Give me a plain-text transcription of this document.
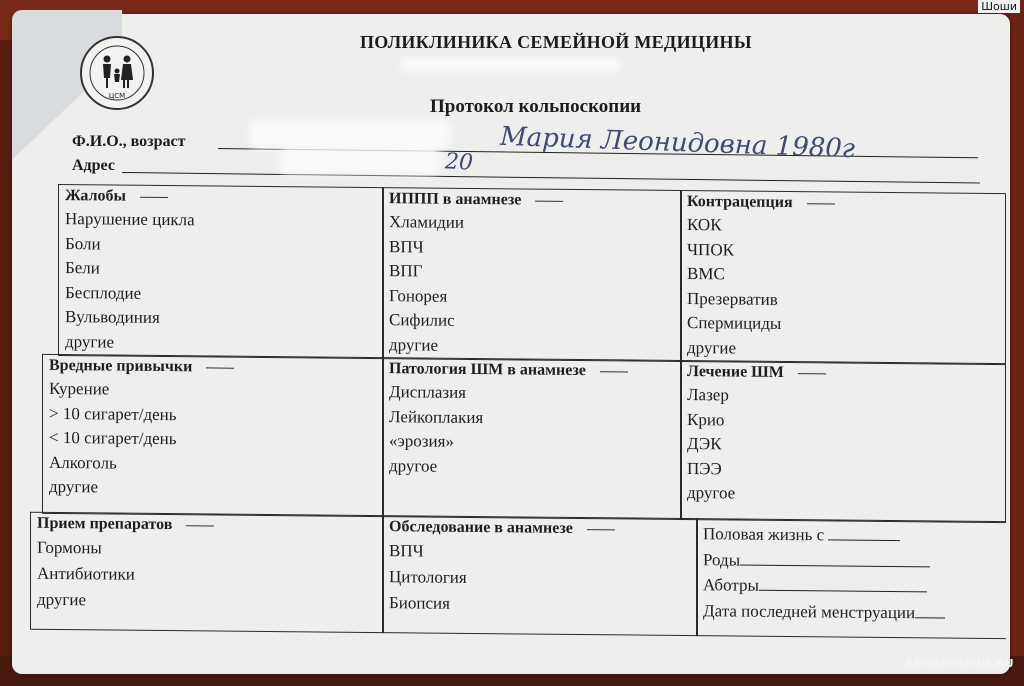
ЦСМ
ПОЛИКЛИНИКА СЕМЕЙНОЙ МЕДИЦИНЫ
Протокол кольпоскопии
Ф.И.О., возраст	Мария Леонидовна 1980г
Адрес	20
Жалобы
Нарушение цикла
Боли
Бели
Бесплодие
Вульводиния
другие
ИППП в анамнезе
Хламидии
ВПЧ
ВПГ
Гонорея
Сифилис
другие
Контрацепция
КОК
ЧПОК
ВМС
Презерватив
Спермициды
другие
Вредные привычки
Курение
> 10 сигарет/день
< 10 сигарет/день
Алкоголь
другие
Патология ШМ в анамнезе
Дисплазия
Лейкоплакия
«эрозия»
другое
Лечение ШМ
Лазер
Крио
ДЭК
ПЭЭ
другое
Прием препаратов
Гормоны
Антибиотики
другие
Обследование в анамнезе
ВПЧ
Цитология
Биопсия
Половая жизнь с
Роды
Аботры
Дата последней менструации
RECOMMEND.RU
Шоши
